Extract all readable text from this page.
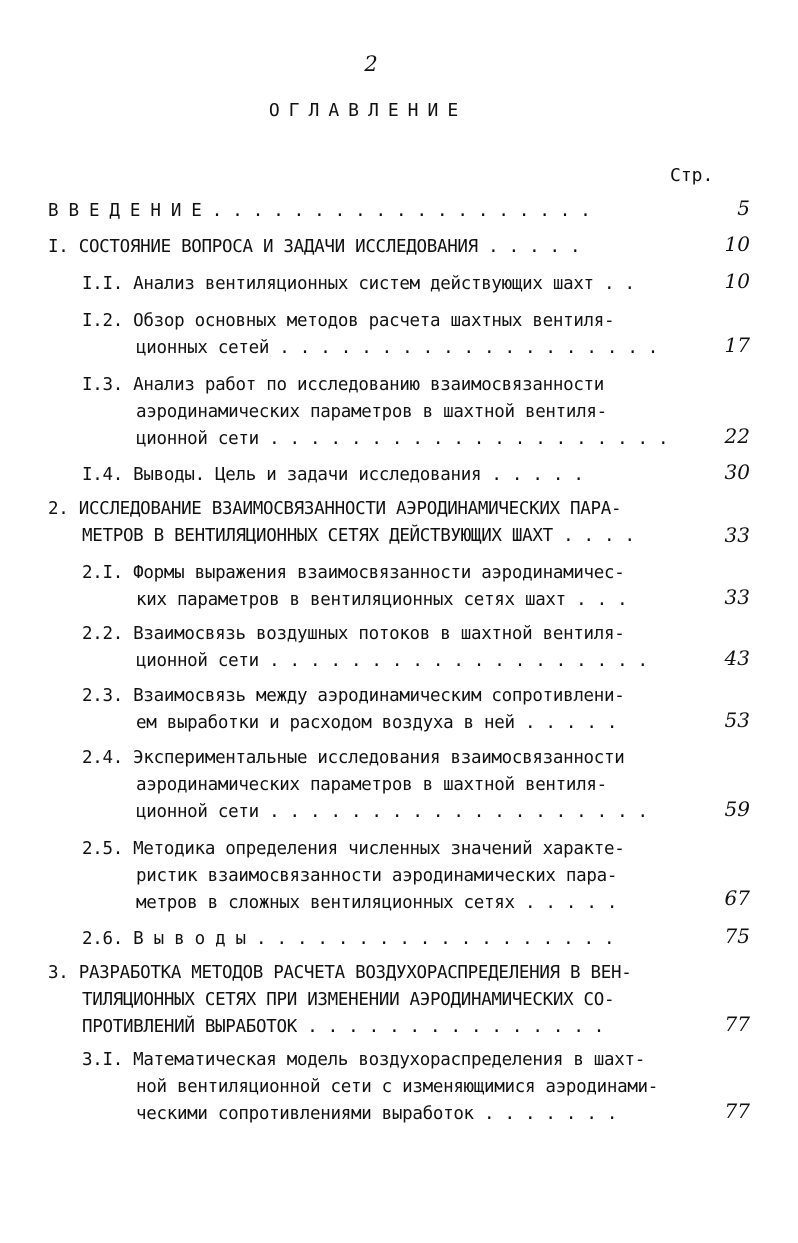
2
ОГЛАВЛЕНИЕ
Стр.
В В Е Д Е Н И Е . . . . . . . . . . . . . . . . . . .	5
I. СОСТОЯНИЕ ВОПРОСА И ЗАДАЧИ ИССЛЕДОВАНИЯ . . . . .	10
I.I. Анализ вентиляционных систем действующих шахт . .	10
I.2. Обзор основных методов расчета шахтных вентиля-
ционных сетей . . . . . . . . . . . . . . . . . . .	17
I.3. Анализ работ по исследованию взаимосвязанности
аэродинамических параметров в шахтной вентиля-
ционной сети . . . . . . . . . . . . . . . . . . . .	22
I.4. Выводы. Цель и задачи исследования . . . . .	30
2. ИССЛЕДОВАНИЕ ВЗАИМОСВЯЗАННОСТИ АЭРОДИНАМИЧЕСКИХ ПАРА-
МЕТРОВ В ВЕНТИЛЯЦИОННЫХ СЕТЯХ ДЕЙСТВУЮЩИХ ШАХТ . . . .	33
2.I. Формы выражения взаимосвязанности аэродинамичес-
ких параметров в вентиляционных сетях шахт . . .	33
2.2. Взаимосвязь воздушных потоков в шахтной вентиля-
ционной сети . . . . . . . . . . . . . . . . . . .	43
2.3. Взаимосвязь между аэродинамическим сопротивлени-
ем выработки и расходом воздуха в ней . . . . .	53
2.4. Экспериментальные исследования взаимосвязанности
аэродинамических параметров в шахтной вентиля-
ционной сети . . . . . . . . . . . . . . . . . . .	59
2.5. Методика определения численных значений характе-
ристик взаимосвязанности аэродинамических пара-
метров в сложных вентиляционных сетях . . . . .	67
2.6. В ы в о д ы . . . . . . . . . . . . . . . . . .	75
3. РАЗРАБОТКА МЕТОДОВ РАСЧЕТА ВОЗДУХОРАСПРЕДЕЛЕНИЯ В ВЕН-
ТИЛЯЦИОННЫХ СЕТЯХ ПРИ ИЗМЕНЕНИИ АЭРОДИНАМИЧЕСКИХ СО-
ПРОТИВЛЕНИЙ ВЫРАБОТОК . . . . . . . . . . . . . . .	77
3.I. Математическая модель воздухораспределения в шахт-
ной вентиляционной сети с изменяющимися аэродинами-
ческими сопротивлениями выработок . . . . . . .	77
